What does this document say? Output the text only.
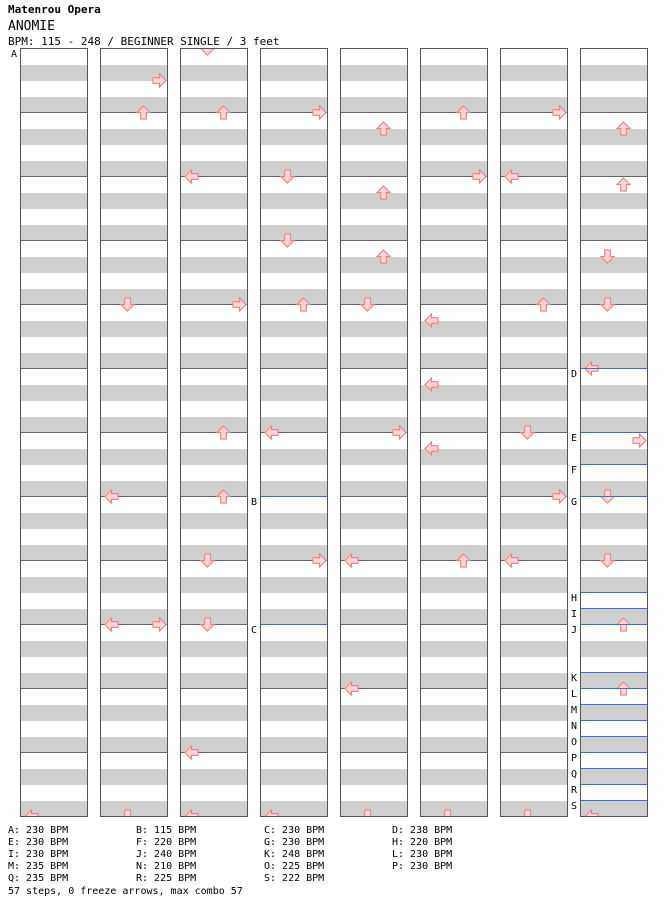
Matenrou Opera
ANOMIE
BPM: 115 - 248 / BEGINNER SINGLE / 3 feet
A
B
C
D
E
F
G
H
I
J
K
L
M
N
O
P
Q
R
S
A: 230 BPM
E: 230 BPM
I: 230 BPM
M: 235 BPM
Q: 235 BPM
B: 115 BPM
F: 220 BPM
J: 240 BPM
N: 210 BPM
R: 225 BPM
C: 230 BPM
G: 230 BPM
K: 248 BPM
O: 225 BPM
S: 222 BPM
D: 238 BPM
H: 220 BPM
L: 230 BPM
P: 230 BPM
57 steps, 0 freeze arrows, max combo 57
